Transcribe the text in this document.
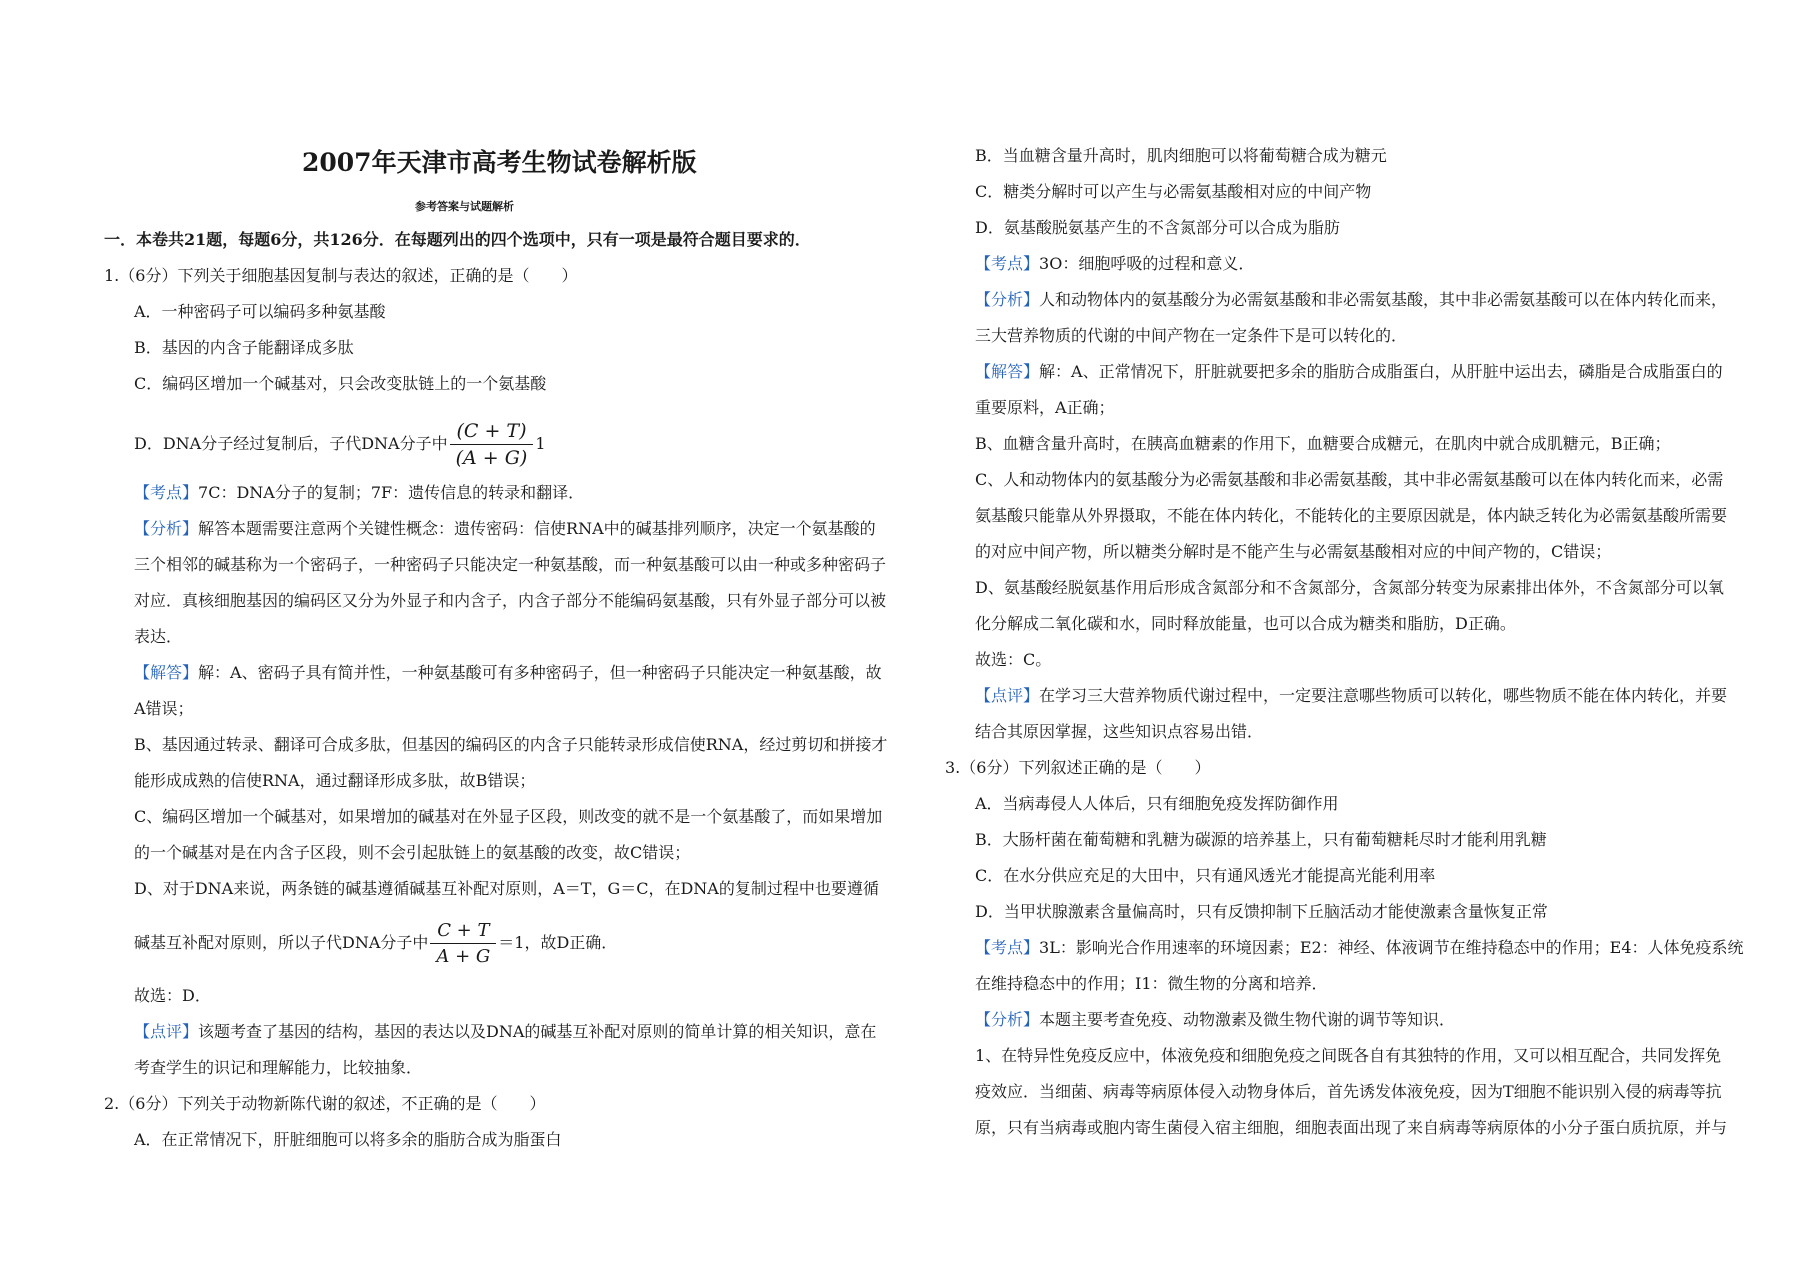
2007年天津市高考生物试卷解析版
参考答案与试题解析
一．本卷共21题，每题6分，共126分．在每题列出的四个选项中，只有一项是最符合题目要求的．
1.（6分）下列关于细胞基因复制与表达的叙述，正确的是（　　）
A．一种密码子可以编码多种氨基酸
B．基因的内含子能翻译成多肽
C．编码区增加一个碱基对，只会改变肽链上的一个氨基酸
D．DNA分子经过复制后，子代DNA分子中 $\frac{(C + T)}{(A + G)} 1$
【考点】7C：DNA分子的复制；7F：遗传信息的转录和翻译．
【分析】解答本题需要注意两个关键性概念：遗传密码：信使RNA中的碱基排列顺序，决定一个氨基酸的
三个相邻的碱基称为一个密码子，一种密码子只能决定一种氨基酸，而一种氨基酸可以由一种或多种密码子
对应．真核细胞基因的编码区又分为外显子和内含子，内含子部分不能编码氨基酸，只有外显子部分可以被
表达．
【解答】解：A、密码子具有简并性，一种氨基酸可有多种密码子，但一种密码子只能决定一种氨基酸，故
A错误；
B、基因通过转录、翻译可合成多肽，但基因的编码区的内含子只能转录形成信使RNA，经过剪切和拼接才
能形成成熟的信使RNA，通过翻译形成多肽，故B错误；
C、编码区增加一个碱基对，如果增加的碱基对在外显子区段，则改变的就不是一个氨基酸了，而如果增加
的一个碱基对是在内含子区段，则不会引起肽链上的氨基酸的改变，故C错误；
D、对于DNA来说，两条链的碱基遵循碱基互补配对原则，A＝T，G＝C，在DNA的复制过程中也要遵循
碱基互补配对原则，所以子代DNA分子中 $\frac{C + T}{A + G} =1$，故D正确．
故选：D．
【点评】该题考查了基因的结构，基因的表达以及DNA的碱基互补配对原则的简单计算的相关知识，意在
考查学生的识记和理解能力，比较抽象．
2.（6分）下列关于动物新陈代谢的叙述，不正确的是（　　）
A．在正常情况下，肝脏细胞可以将多余的脂肪合成为脂蛋白
B．当血糖含量升高时，肌肉细胞可以将葡萄糖合成为糖元
C．糖类分解时可以产生与必需氨基酸相对应的中间产物
D．氨基酸脱氨基产生的不含氮部分可以合成为脂肪
【考点】3O：细胞呼吸的过程和意义．
【分析】人和动物体内的氨基酸分为必需氨基酸和非必需氨基酸，其中非必需氨基酸可以在体内转化而来，
三大营养物质的代谢的中间产物在一定条件下是可以转化的．
【解答】解：A、正常情况下，肝脏就要把多余的脂肪合成脂蛋白，从肝脏中运出去，磷脂是合成脂蛋白的
重要原料，A正确；
B、血糖含量升高时，在胰高血糖素的作用下，血糖要合成糖元，在肌肉中就合成肌糖元，B正确；
C、人和动物体内的氨基酸分为必需氨基酸和非必需氨基酸，其中非必需氨基酸可以在体内转化而来，必需
氨基酸只能靠从外界摄取，不能在体内转化，不能转化的主要原因就是，体内缺乏转化为必需氨基酸所需要
的对应中间产物，所以糖类分解时是不能产生与必需氨基酸相对应的中间产物的，C错误；
D、氨基酸经脱氨基作用后形成含氮部分和不含氮部分，含氮部分转变为尿素排出体外，不含氮部分可以氧
化分解成二氧化碳和水，同时释放能量，也可以合成为糖类和脂肪，D正确。
故选：C。
【点评】在学习三大营养物质代谢过程中，一定要注意哪些物质可以转化，哪些物质不能在体内转化，并要
结合其原因掌握，这些知识点容易出错．
3.（6分）下列叙述正确的是（　　）
A．当病毒侵人人体后，只有细胞免疫发挥防御作用
B．大肠杆菌在葡萄糖和乳糖为碳源的培养基上，只有葡萄糖耗尽时才能利用乳糖
C．在水分供应充足的大田中，只有通风透光才能提高光能利用率
D．当甲状腺激素含量偏高时，只有反馈抑制下丘脑活动才能使激素含量恢复正常
【考点】3L：影响光合作用速率的环境因素；E2：神经、体液调节在维持稳态中的作用；E4：人体免疫系统
在维持稳态中的作用；I1：微生物的分离和培养．
【分析】本题主要考查免疫、动物激素及微生物代谢的调节等知识．
1、在特异性免疫反应中，体液免疫和细胞免疫之间既各自有其独特的作用，又可以相互配合，共同发挥免
疫效应．当细菌、病毒等病原体侵入动物身体后，首先诱发体液免疫，因为T细胞不能识别入侵的病毒等抗
原，只有当病毒或胞内寄生菌侵入宿主细胞，细胞表面出现了来自病毒等病原体的小分子蛋白质抗原，并与
